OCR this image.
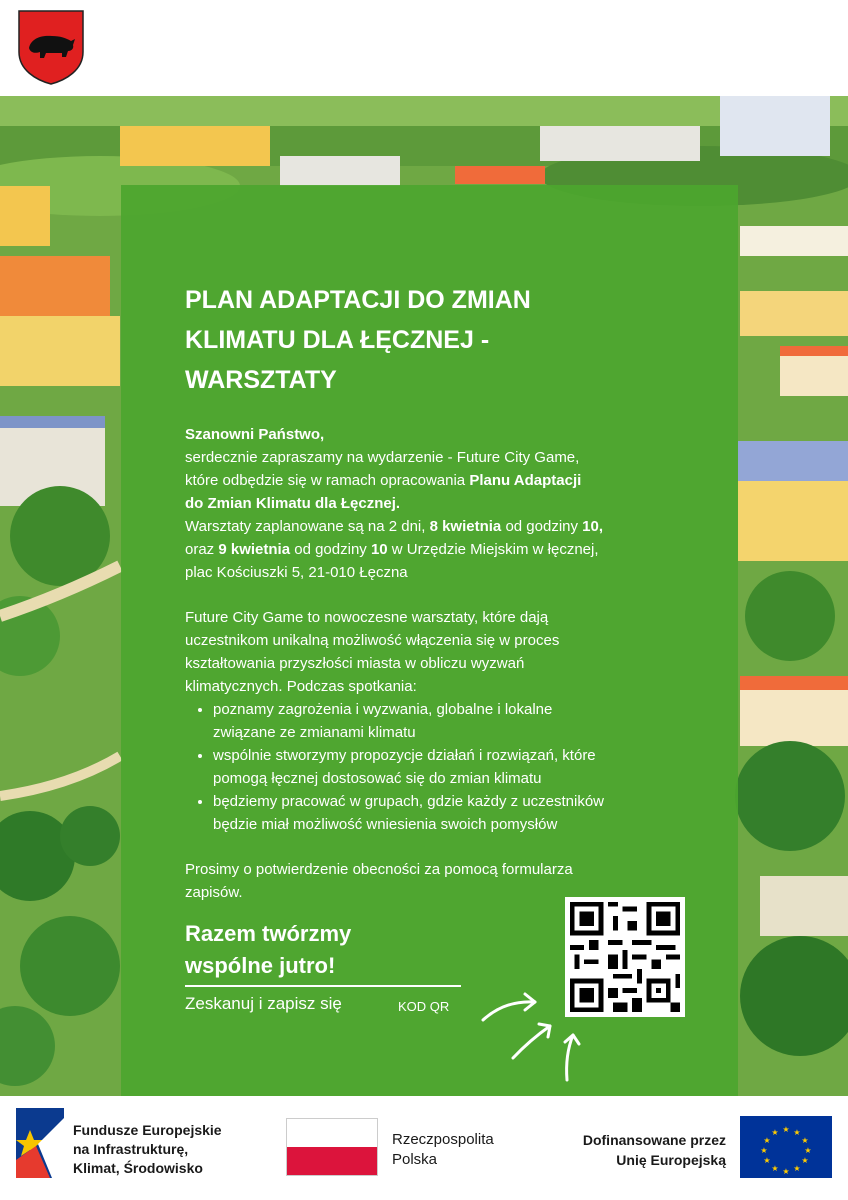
PLAN ADAPTACJI DO ZMIAN
KLIMATU DLA ŁĘCZNEJ -
WARSZTATY

Szanowni Państwo,

serdecznie zapraszamy na wydarzenie - Future City Game,

które odbędzie się w ramach opracowania Planu Adaptacji

do Zmian Klimatu dla Łęcznej.

Warsztaty zaplanowane są na 2 dni, 8 kwietnia od godziny 10,

oraz 9 kwietnia od godziny 10 w Urzędzie Miejskim w łęcznej,

plac Kościuszki 5, 21-010 Łęczna

Future City Game to nowoczesne warsztaty, które dają

uczestnikom unikalną możliwość włączenia się w proces

kształtowania przyszłości miasta w obliczu wyzwań

klimatycznych. Podczas spotkania:

• poznamy zagrożenia i wyzwania, globalne i lokalne
związane ze zmianami klimatu
• wspólnie stworzymy propozycje działań i rozwiązań, które
pomogą łęcznej dostosować się do zmian klimatu
• będziemy pracować w grupach, gdzie każdy z uczestników
będzie miał możliwość wniesienia swoich pomysłów

Prosimy o potwierdzenie obecności za pomocą formularza

zapisów.

Razem twórzmy
wspólne jutro!
Zeskanuj i zapisz się	KOD QR
Fundusze Europejskie
na Infrastrukturę,
Klimat, Środowisko
Rzeczpospolita
Polska
Dofinansowane przez
Unię Europejską
★ ★
★
★
★
★
★
★
★
★
★
★
